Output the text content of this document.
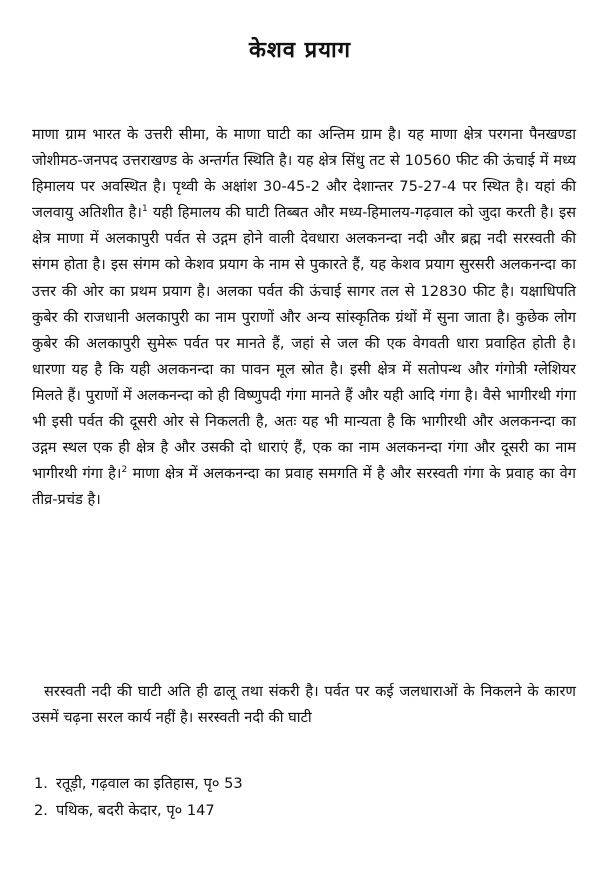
केशव प्रयाग

माणा ग्राम भारत के उत्तरी सीमा, के माणा घाटी का अन्तिम ग्राम है। यह माणा क्षेत्र परगना पैनखण्डा जोशीमठ-जनपद उत्तराखण्ड के अन्तर्गत स्थिति है। यह क्षेत्र सिंधु तट से 10560 फीट की ऊंचाई में मध्य हिमालय पर अवस्थित है। पृथ्वी के अक्षांश 30-45-2 और देशान्तर 75-27-4 पर स्थित है। यहां की जलवायु अतिशीत है।$^1$ यही हिमालय की घाटी तिब्बत और मध्य-हिमालय-गढ़वाल को जुदा करती है। इस क्षेत्र माणा में अलकापुरी पर्वत से उद्गम होने वाली देवधारा अलकनन्दा नदी और ब्रह्म नदी सरस्वती की संगम होता है। इस संगम को केशव प्रयाग के नाम से पुकारते हैं, यह केशव प्रयाग सुरसरी अलकनन्दा का उत्तर की ओर का प्रथम प्रयाग है। अलका पर्वत की ऊंचाई सागर तल से 12830 फीट है। यक्षाधिपति कुबेर की राजधानी अलकापुरी का नाम पुराणों और अन्य सांस्कृतिक ग्रंथों में सुना जाता है। कुछेक लोग कुबेर की अलकापुरी सुमेरू पर्वत पर मानते हैं, जहां से जल की एक वेगवती धारा प्रवाहित होती है। धारणा यह है कि यही अलकनन्दा का पावन मूल स्रोत है। इसी क्षेत्र में सतोपन्थ और गंगोत्री ग्लेशियर मिलते हैं। पुराणों में अलकनन्दा को ही विष्णुपदी गंगा मानते हैं और यही आदि गंगा है। वैसे भागीरथी गंगा भी इसी पर्वत की दूसरी ओर से निकलती है, अतः यह भी मान्यता है कि भागीरथी और अलकनन्दा का उद्गम स्थल एक ही क्षेत्र है और उसकी दो धाराएं हैं, एक का नाम अलकनन्दा गंगा और दूसरी का नाम भागीरथी गंगा है।$^2$ माणा क्षेत्र में अलकनन्दा का प्रवाह समगति में है और सरस्वती गंगा के प्रवाह का वेग तीव्र-प्रचंड है।

सरस्वती नदी की घाटी अति ही ढालू तथा संकरी है। पर्वत पर कई जलधाराओं के निकलने के कारण उसमें चढ़ना सरल कार्य नहीं है। सरस्वती नदी की घाटी

1. रतूड़ी, गढ़वाल का इतिहास, पृ० 53
2. पथिक, बदरी केदार, पृ० 147
